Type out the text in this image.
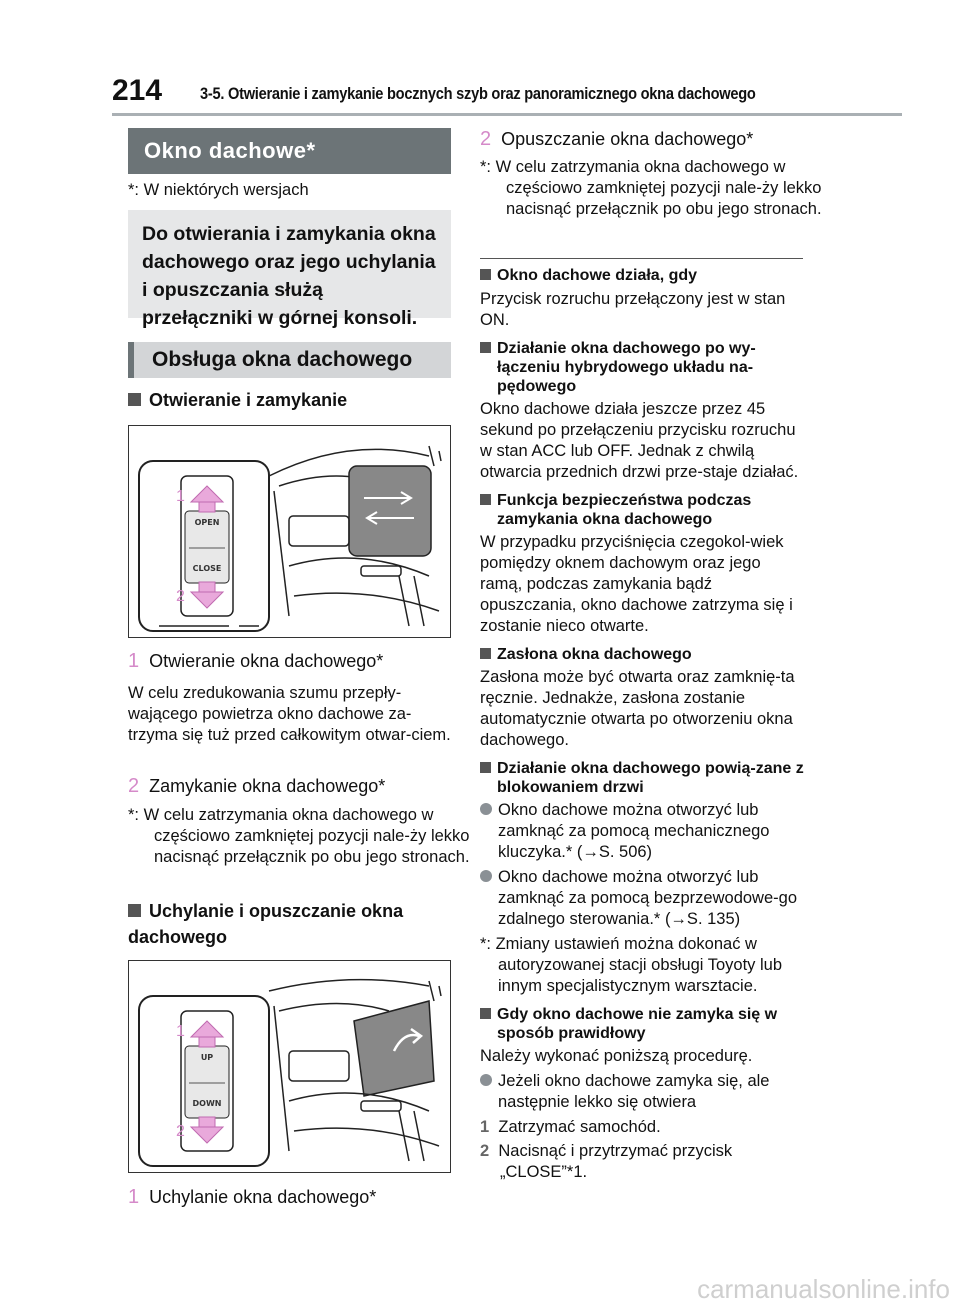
214 3-5. Otwieranie i zamykanie bocznych szyb oraz panoramicznego okna dachowego
Okno dachowe*
*: W niektórych wersjach
Do otwierania i zamykania okna dachowego oraz jego uchylania i opuszczania służą przełączniki w górnej konsoli.
Obsługa okna dachowego
Otwieranie i zamykanie
OPEN
CLOSE
1
2
1 Otwieranie okna dachowego*
W celu zredukowania szumu przepły-wającego powietrza okno dachowe za-trzyma się tuż przed całkowitym otwar-ciem.
2 Zamykanie okna dachowego*
*: W celu zatrzymania okna dachowego w częściowo zamkniętej pozycji nale-ży lekko nacisnąć przełącznik po obu jego stronach.
Uchylanie i opuszczanie okna dachowego
UP
DOWN
1
2
1 Uchylanie okna dachowego*
2 Opuszczanie okna dachowego*
*: W celu zatrzymania okna dachowego w częściowo zamkniętej pozycji nale-ży lekko nacisnąć przełącznik po obu jego stronach.
Okno dachowe działa, gdy
Przycisk rozruchu przełączony jest w stan ON.
Działanie okna dachowego po wy-łączeniu hybrydowego układu na-pędowego
Okno dachowe działa jeszcze przez 45 sekund po przełączeniu przycisku rozruchu w stan ACC lub OFF. Jednak z chwilą otwarcia przednich drzwi prze-staje działać.
Funkcja bezpieczeństwa podczas zamykania okna dachowego
W przypadku przyciśnięcia czegokol-wiek pomiędzy oknem dachowym oraz jego ramą, podczas zamykania bądź opuszczania, okno dachowe zatrzyma się i zostanie nieco otwarte.
Zasłona okna dachowego
Zasłona może być otwarta oraz zamknię-ta ręcznie. Jednakże, zasłona zostanie automatycznie otwarta po otworzeniu okna dachowego.
Działanie okna dachowego powią-zane z blokowaniem drzwi
Okno dachowe można otworzyć lub zamknąć za pomocą mechanicznego kluczyka.* (→S. 506)
Okno dachowe można otworzyć lub zamknąć za pomocą bezprzewodowe-go zdalnego sterowania.* (→S. 135)
*: Zmiany ustawień można dokonać w autoryzowanej stacji obsługi Toyoty lub innym specjalistycznym warsztacie.
Gdy okno dachowe nie zamyka się w sposób prawidłowy
Należy wykonać poniższą procedurę.
Jeżeli okno dachowe zamyka się, ale następnie lekko się otwiera
1 Zatrzymać samochód.
2 Nacisnąć i przytrzymać przycisk „CLOSE”*1.
carmanualsonline.info
